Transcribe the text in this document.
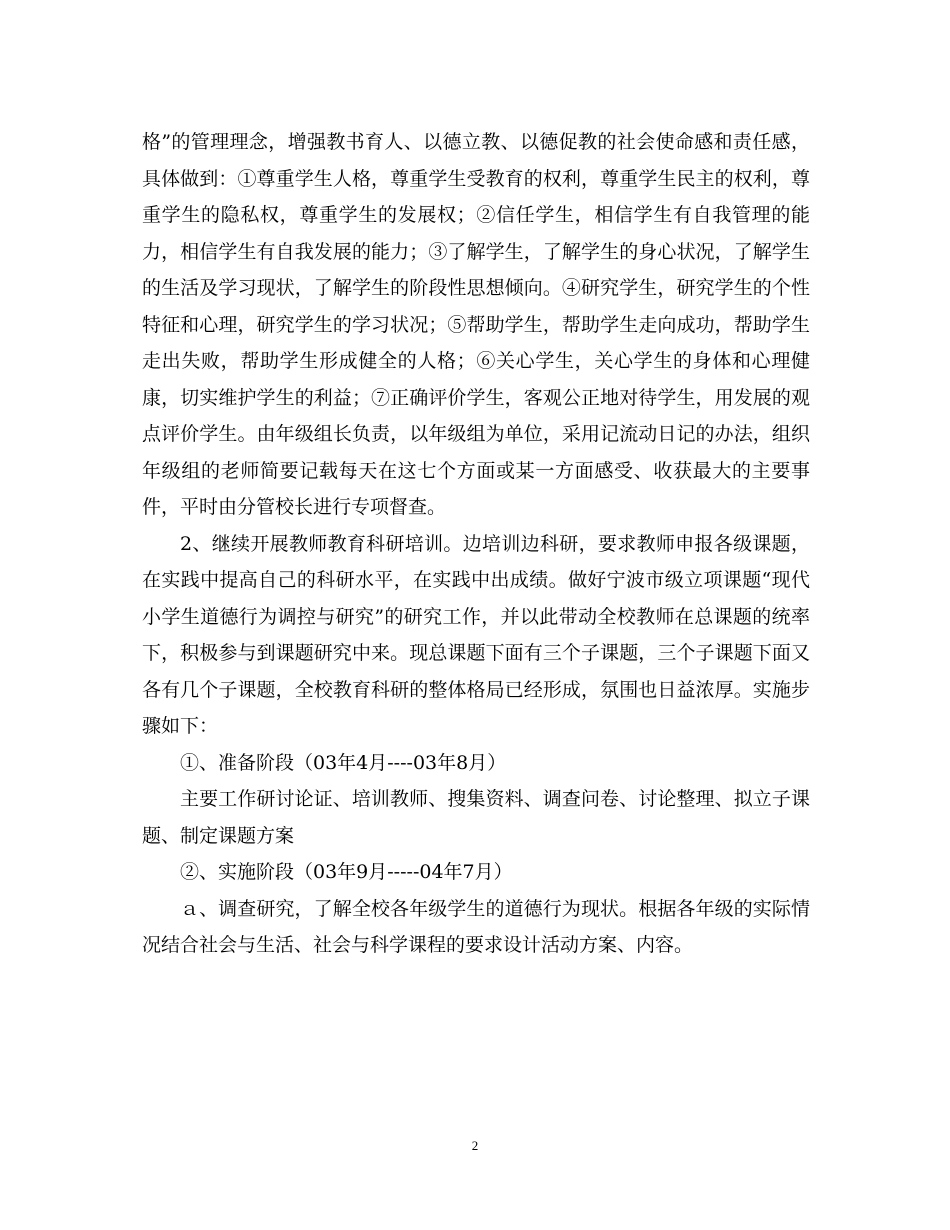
格”的管理理念，增强教书育人、以德立教、以德促教的社会使命感和责任感，具体做到：①尊重学生人格，尊重学生受教育的权利，尊重学生民主的权利，尊重学生的隐私权，尊重学生的发展权；②信任学生，相信学生有自我管理的能力，相信学生有自我发展的能力；③了解学生，了解学生的身心状况，了解学生的生活及学习现状，了解学生的阶段性思想倾向。④研究学生，研究学生的个性特征和心理，研究学生的学习状况；⑤帮助学生，帮助学生走向成功，帮助学生走出失败，帮助学生形成健全的人格；⑥关心学生，关心学生的身体和心理健康，切实维护学生的利益；⑦正确评价学生，客观公正地对待学生，用发展的观点评价学生。由年级组长负责，以年级组为单位，采用记流动日记的办法，组织年级组的老师简要记载每天在这七个方面或某一方面感受、收获最大的主要事件，平时由分管校长进行专项督查。

2、继续开展教师教育科研培训。边培训边科研，要求教师申报各级课题，在实践中提高自己的科研水平，在实践中出成绩。做好宁波市级立项课题“现代小学生道德行为调控与研究”的研究工作，并以此带动全校教师在总课题的统率下，积极参与到课题研究中来。现总课题下面有三个子课题，三个子课题下面又各有几个子课题，全校教育科研的整体格局已经形成，氛围也日益浓厚。实施步骤如下：

①、准备阶段（03年4月----03年8月）

主要工作研讨论证、培训教师、搜集资料、调查问卷、讨论整理、拟立子课题、制定课题方案

②、实施阶段（03年9月-----04年7月）

ａ、调查研究，了解全校各年级学生的道德行为现状。根据各年级的实际情况结合社会与生活、社会与科学课程的要求设计活动方案、内容。

2
